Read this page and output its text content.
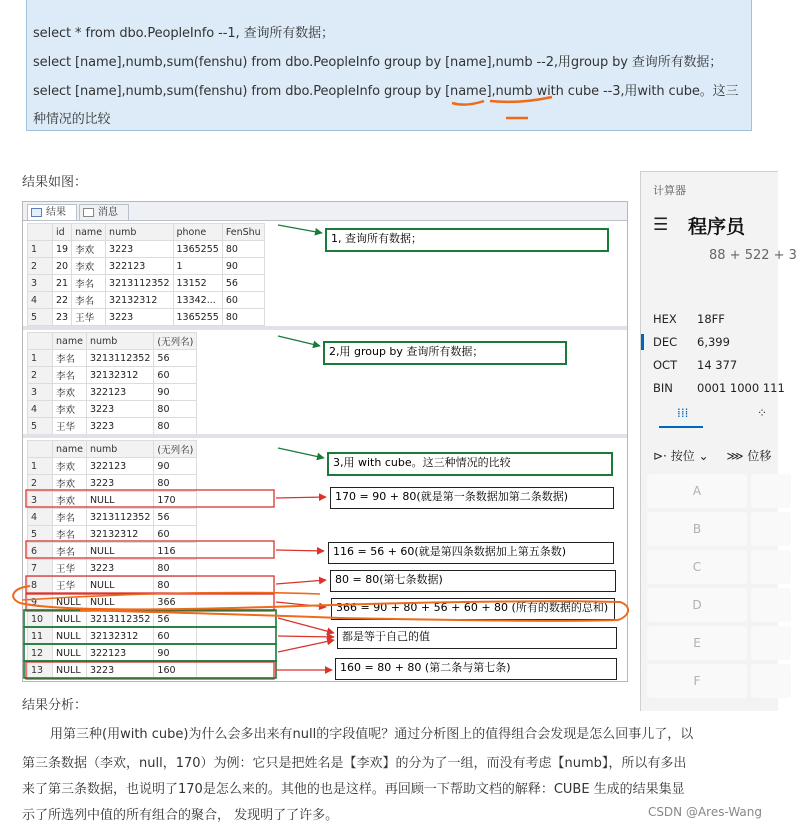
select * from dbo.PeopleInfo --1, 查询所有数据；
select [name],numb,sum(fenshu) from dbo.PeopleInfo group by [name],numb --2,用group by 查询所有数据；
select [name],numb,sum(fenshu) from dbo.PeopleInfo group by [name],numb with cube --3,用with cube。这三
种情况的比较
结果如图：
结果	消息
	id	name	numb	phone	FenShu
1	19	李欢	3223	1365255	80
2	20	李欢	322123	1	90
3	21	李名	3213112352	13152	56
4	22	李名	32132312	13342...	60
5	23	王华	3223	1365255	80
	name	numb	(无列名)
1	李名	3213112352	56
2	李名	32132312	60
3	李欢	322123	90
4	李欢	3223	80
5	王华	3223	80
	name	numb	(无列名)
1	李欢	322123	90
2	李欢	3223	80
3	李欢	NULL	170
4	李名	3213112352	56
5	李名	32132312	60
6	李名	NULL	116
7	王华	3223	80
8	王华	NULL	80
9	NULL	NULL	366
10	NULL	3213112352	56
11	NULL	32132312	60
12	NULL	322123	90
13	NULL	3223	160
1, 查询所有数据；
2,用 group by 查询所有数据；
3,用 with cube。这三种情况的比较
170 = 90 + 80(就是第一条数据加第二条数据)
116 = 56 + 60(就是第四条数据加上第五条数)
80 = 80(第七条数据)
366 = 90 + 80 + 56 + 60 + 80 (所有的数据的总和)
都是等于自己的值
160 = 80 + 80 (第二条与第七条)
计算器
☰ 程序员
88 + 522 + 3
HEX 18FF
DEC 6,399
OCT 14 377
BIN 0001 1000 111
⁞⁞⁞	⁘
⊳· 按位 ⌄ ⋙ 位移
A
B
C
D
E
F
结果分析：
用第三种(用with cube)为什么会多出来有null的字段值呢？通过分析图上的值得组合会发现是怎么回事儿了，以
第三条数据（李欢，null，170）为例：它只是把姓名是【李欢】的分为了一组，而没有考虑【numb】，所以有多出
来了第三条数据，也说明了170是怎么来的。其他的也是这样。再回顾一下帮助文档的解释：CUBE 生成的结果集显
示了所选列中值的所有组合的聚合， 发现明了了许多。	CSDN @Ares-Wang
